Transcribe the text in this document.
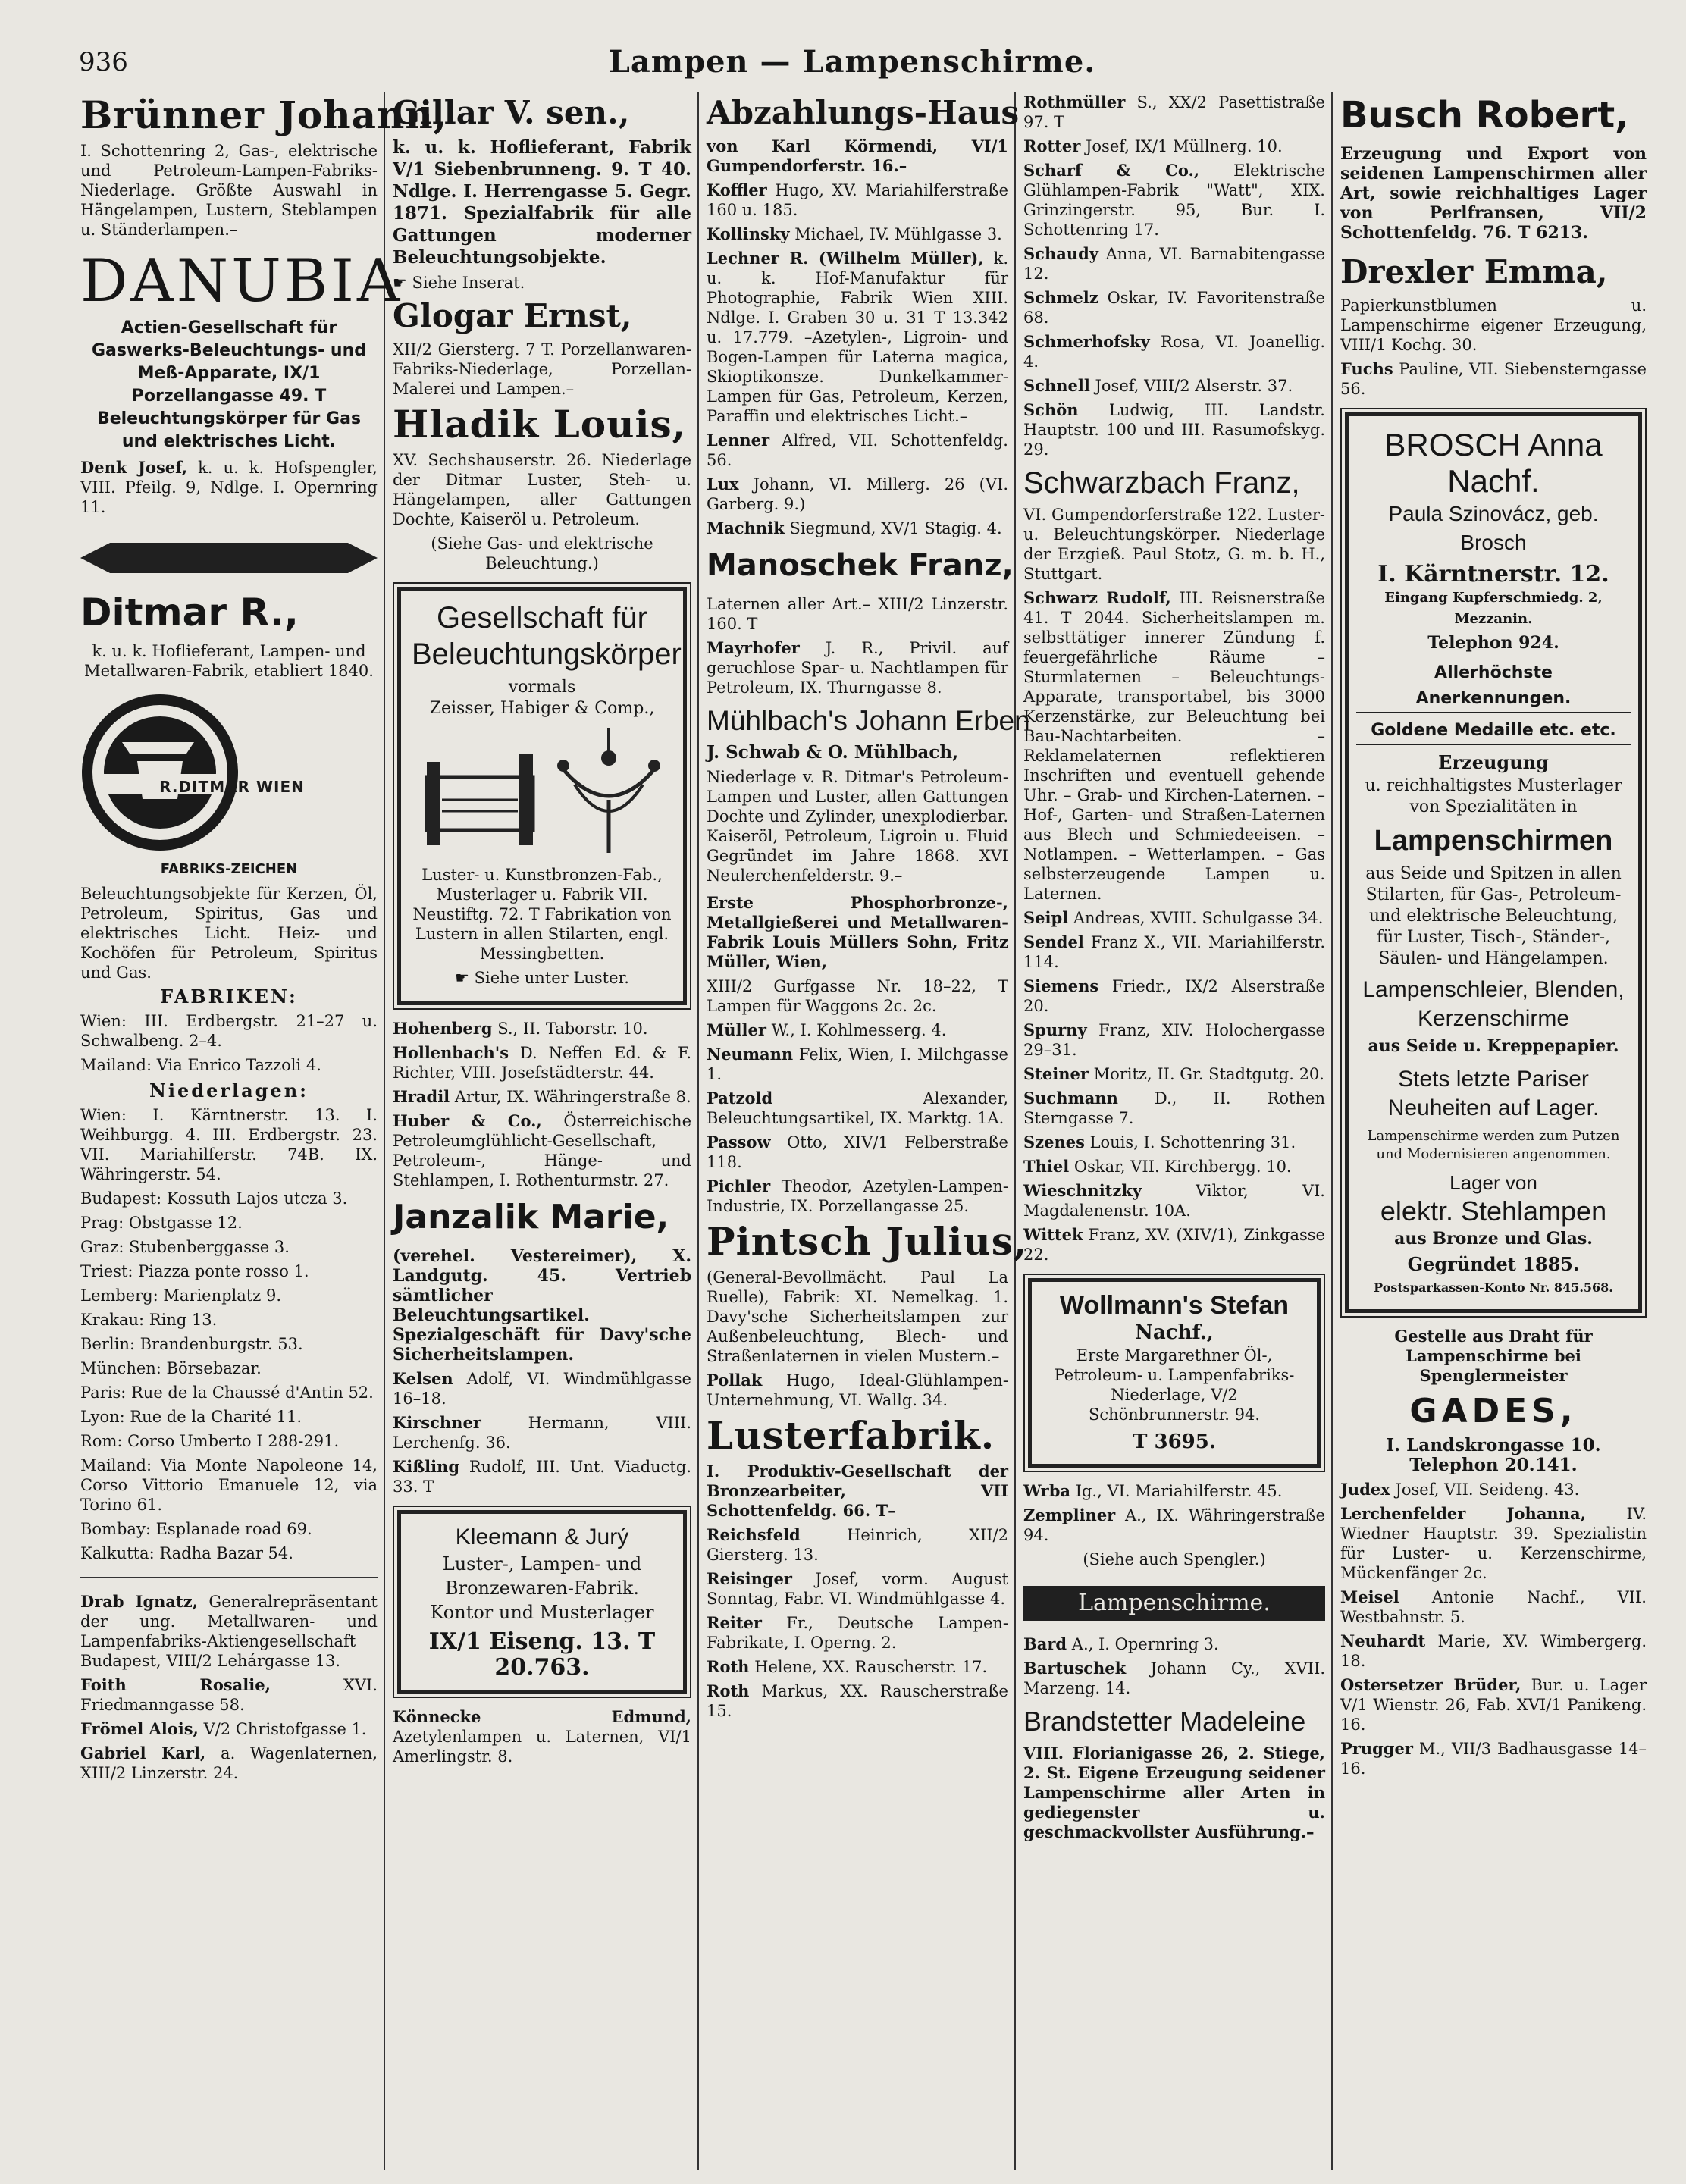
936	Lampen — Lampenschirme.
Brünner Johann,

I. Schottenring 2, Gas-, elektrische und Petroleum-Lampen-Fabriks-Niederlage. Größte Auswahl in Hängelampen, Lustern, Steblampen u. Ständerlampen.–

DANUBIA

Actien-Gesellschaft für Gaswerks-Beleuchtungs- und Meß-Apparate, IX/1 Porzellangasse 49. T Beleuchtungskörper für Gas und elektrisches Licht.

Denk Josef, k. u. k. Hofspengler, VIII. Pfeilg. 9, Ndlge. I. Opernring 11.

Ditmar R.,

k. u. k. Hoflieferant, Lampen- und Metallwaren-Fabrik, etabliert 1840.

R.DITMAR WIEN

FABRIKS-ZEICHEN

Beleuchtungsobjekte für Kerzen, Öl, Petroleum, Spiritus, Gas und elektrisches Licht. Heiz- und Kochöfen für Petroleum, Spiritus und Gas.

FABRIKEN:

Wien: III. Erdbergstr. 21–27 u. Schwalbeng. 2–4.

Mailand: Via Enrico Tazzoli 4.

Niederlagen:

Wien: I. Kärntnerstr. 13. I. Weihburgg. 4. III. Erdbergstr. 23. VII. Mariahilferstr. 74B. IX. Währingerstr. 54.

Budapest: Kossuth Lajos utcza 3.

Prag: Obstgasse 12.

Graz: Stubenberggasse 3.

Triest: Piazza ponte rosso 1.

Lemberg: Marienplatz 9.

Krakau: Ring 13.

Berlin: Brandenburgstr. 53.

München: Börsebazar.

Paris: Rue de la Chaussé d'Antin 52.

Lyon: Rue de la Charité 11.

Rom: Corso Umberto I 288-291.

Mailand: Via Monte Napoleone 14, Corso Vittorio Emanuele 12, via Torino 61.

Bombay: Esplanade road 69.

Kalkutta: Radha Bazar 54.

Drab Ignatz, Generalrepräsentant der ung. Metallwaren- und Lampenfabriks-Aktiengesellschaft Budapest, VIII/2 Lehárgasse 13.

Foith Rosalie,	XVI. Friedmanngasse 58.

Frömel Alois, V/2 Christofgasse 1.

Gabriel Karl, a. Wagenlaternen, XIII/2 Linzerstr. 24.

Gillar V. sen.,

k. u. k. Hoflieferant, Fabrik V/1 Siebenbrunneng. 9. T 40. Ndlge. I. Herrengasse 5. Gegr. 1871. Spezialfabrik für alle Gattungen moderner Beleuchtungsobjekte.

☛ Siehe Inserat.

Glogar Ernst,

XII/2 Giersterg. 7 T. Porzellanwaren-Fabriks-Niederlage, Porzellan-Malerei und Lampen.–

Hladik Louis,

XV. Sechshauserstr. 26. Niederlage der Ditmar Luster, Steh- u. Hängelampen, aller Gattungen Dochte, Kaiseröl u. Petroleum.

(Siehe Gas- und elektrische Beleuchtung.)

Gesellschaft für Beleuchtungskörper
vormals
Zeisser, Habiger & Comp.,

Luster- u. Kunstbronzen-Fab., Musterlager u. Fabrik VII. Neustiftg. 72. T Fabrikation von Lustern in allen Stilarten, engl. Messingbetten.

☛ Siehe unter Luster.

Hohenberg S., II. Taborstr. 10.

Hollenbach's D. Neffen Ed. & F. Richter, VIII. Josefstädterstr. 44.

Hradil Artur, IX. Währingerstraße 8.

Huber & Co., Österreichische Petroleumglühlicht-Gesellschaft, Petroleum-, Hänge- und Stehlampen, I. Rothenturmstr. 27.

Janzalik Marie,

(verehel. Vestereimer), X. Landgutg. 45. Vertrieb sämtlicher Beleuchtungsartikel. Spezialgeschäft für Davy'sche Sicherheitslampen.

Kelsen Adolf, VI. Windmühlgasse 16–18.

Kirschner	Hermann, VIII. Lerchenfg. 36.

Kißling Rudolf, III. Unt. Viaductg. 33. T

Kleemann & Jurý

Luster-, Lampen- und Bronzewaren-Fabrik. Kontor und Musterlager

IX/1 Eiseng. 13. T 20.763.

Könnecke Edmund, Azetylenlampen u. Laternen, VI/1 Amerlingstr. 8.

Abzahlungs-Haus

von Karl Körmendi, VI/1 Gumpendorferstr. 16.–

Koffler Hugo, XV. Mariahilferstraße 160 u. 185.

Kollinsky Michael, IV. Mühlgasse 3.

Lechner R. (Wilhelm Müller), k. u. k. Hof-Manufaktur für Photographie, Fabrik Wien XIII. Ndlge. I. Graben 30 u. 31 T 13.342 u. 17.779. –Azetylen-, Ligroin- und Bogen-Lampen für Laterna magica, Skioptikonsze. Dunkelkammer-Lampen für Gas, Petroleum, Kerzen, Paraffin und elektrisches Licht.–

Lenner Alfred, VII. Schottenfeldg. 56.

Lux Johann, VI. Millerg. 26 (VI. Garberg. 9.)

Machnik Siegmund, XV/1 Stagig. 4.

Manoschek Franz,

Laternen aller Art.– XIII/2 Linzerstr. 160. T

Mayrhofer J. R., Privil. auf geruchlose Spar- u. Nachtlampen für Petroleum, IX. Thurngasse 8.

Mühlbach's Johann Erben

J. Schwab & O. Mühlbach,

Niederlage v. R. Ditmar's Petroleum-Lampen und Luster, allen Gattungen Dochte und Zylinder, unexplodierbar. Kaiseröl, Petroleum, Ligroin u. Fluid Gegründet im Jahre 1868. XVI Neulerchenfelderstr. 9.–

Erste Phosphorbronze-, Metallgießerei und Metallwaren-Fabrik Louis Müllers Sohn, Fritz Müller, Wien,

XIII/2 Gurfgasse Nr. 18–22, T Lampen für Waggons 2c. 2c.

Müller W., I. Kohlmesserg. 4.

Neumann Felix, Wien, I. Milchgasse 1.

Patzold	Alexander, Beleuchtungsartikel, IX. Marktg. 1A.

Passow Otto, XIV/1 Felberstraße 118.

Pichler Theodor, Azetylen-Lampen-Industrie, IX. Porzellangasse 25.

Pintsch Julius,

(General-Bevollmächt. Paul La Ruelle), Fabrik: XI. Nemelkag. 1. Davy'sche Sicherheitslampen zur Außenbeleuchtung, Blech- und Straßenlaternen in vielen Mustern.–

Pollak Hugo, Ideal-Glühlampen-Unternehmung, VI. Wallg. 34.

Lusterfabrik.

I. Produktiv-Gesellschaft der Bronzearbeiter, VII Schottenfeldg. 66. T–

Reichsfeld	Heinrich, XII/2 Giersterg. 13.

Reisinger Josef, vorm. August Sonntag, Fabr. VI. Windmühlgasse 4.

Reiter Fr., Deutsche Lampen-Fabrikate, I. Operng. 2.

Roth Helene, XX. Rauscherstr. 17.

Roth Markus, XX. Rauscherstraße 15.

Rothmüller S., XX/2 Pasettistraße 97. T

Rotter Josef, IX/1 Müllnerg. 10.

Scharf & Co., Elektrische Glühlampen-Fabrik "Watt", XIX. Grinzingerstr. 95, Bur. I. Schottenring 17.

Schaudy Anna, VI. Barnabitengasse 12.

Schmelz Oskar, IV. Favoritenstraße 68.

Schmerhofsky Rosa, VI. Joanellig. 4.

Schnell Josef, VIII/2 Alserstr. 37.

Schön Ludwig, III. Landstr. Hauptstr. 100 und III. Rasumofskyg. 29.

Schwarzbach Franz,

VI. Gumpendorferstraße 122. Luster- u. Beleuchtungskörper. Niederlage der Erzgieß. Paul Stotz, G. m. b. H., Stuttgart.

Schwarz Rudolf, III. Reisnerstraße 41. T 2044. Sicherheitslampen m. selbsttätiger innerer Zündung f. feuergefährliche Räume – Sturmlaternen – Beleuchtungs-Apparate, transportabel, bis 3000 Kerzenstärke, zur Beleuchtung bei Bau-Nachtarbeiten. – Reklamelaternen reflektieren Inschriften und eventuell gehende Uhr. – Grab- und Kirchen-Laternen. – Hof-, Garten- und Straßen-Laternen aus Blech und Schmiedeeisen. – Notlampen. – Wetterlampen. – Gas selbsterzeugende Lampen u. Laternen.

Seipl Andreas, XVIII. Schulgasse 34.

Sendel Franz X., VII. Mariahilferstr. 114.

Siemens Friedr., IX/2 Alserstraße 20.

Spurny Franz, XIV. Holochergasse 29–31.

Steiner Moritz, II. Gr. Stadtgutg. 20.

Suchmann D., II. Rothen Sterngasse 7.

Szenes Louis, I. Schottenring 31.

Thiel Oskar, VII. Kirchbergg. 10.

Wieschnitzky	Viktor, VI. Magdalenenstr. 10A.

Wittek Franz, XV. (XIV/1), Zinkgasse 22.

Wollmann's Stefan
Nachf.,

Erste Margarethner Öl-, Petroleum- u. Lampenfabriks-Niederlage, V/2 Schönbrunnerstr. 94.

T 3695.

Wrba Ig., VI. Mariahilferstr. 45.

Zempliner A., IX. Währingerstraße 94.

(Siehe auch Spengler.)

Lampenschirme.

Bard A., I. Opernring 3.

Bartuschek Johann Cy., XVII. Marzeng. 14.

Brandstetter Madeleine

VIII. Florianigasse 26, 2. Stiege, 2. St. Eigene Erzeugung seidener Lampenschirme aller Arten in gediegenster u. geschmackvollster Ausführung.–

Busch Robert,

Erzeugung und Export von seidenen Lampenschirmen aller Art, sowie reichhaltiges Lager von Perlfransen, VII/2 Schottenfeldg. 76. T 6213.

Drexler Emma,

Papierkunstblumen u. Lampenschirme eigener Erzeugung, VIII/1 Kochg. 30.

Fuchs Pauline, VII. Siebensterngasse 56.

BROSCH Anna Nachf.
Paula Szinovácz, geb. Brosch
I. Kärntnerstr. 12.
Eingang Kupferschmiedg. 2, Mezzanin.
Telephon 924.
Allerhöchste Anerkennungen.
Goldene Medaille etc. etc.
Erzeugung
u. reichhaltigstes Musterlager von Spezialitäten in
Lampenschirmen
aus Seide und Spitzen in allen Stilarten, für Gas-, Petroleum- und elektrische Beleuchtung, für Luster, Tisch-, Ständer-, Säulen- und Hängelampen.
Lampenschleier, Blenden, Kerzenschirme
aus Seide u. Kreppepapier.
Stets letzte Pariser Neuheiten auf Lager.
Lampenschirme werden zum Putzen und Modernisieren angenommen.
Lager von
elektr. Stehlampen
aus Bronze und Glas.
Gegründet 1885.
Postsparkassen-Konto Nr. 845.568.

Gestelle aus Draht für Lampenschirme bei Spenglermeister

GADES,

I. Landskrongasse 10. Telephon 20.141.

Judex Josef, VII. Seideng. 43.

Lerchenfelder Johanna,	IV. Wiedner Hauptstr. 39. Spezialistin für Luster- u. Kerzenschirme, Mückenfänger 2c.

Meisel Antonie Nachf., VII. Westbahnstr. 5.

Neuhardt Marie, XV. Wimbergerg. 18.

Ostersetzer Brüder, Bur. u. Lager V/1 Wienstr. 26, Fab. XVI/1 Panikeng. 16.

Prugger M., VII/3 Badhausgasse 14–16.
